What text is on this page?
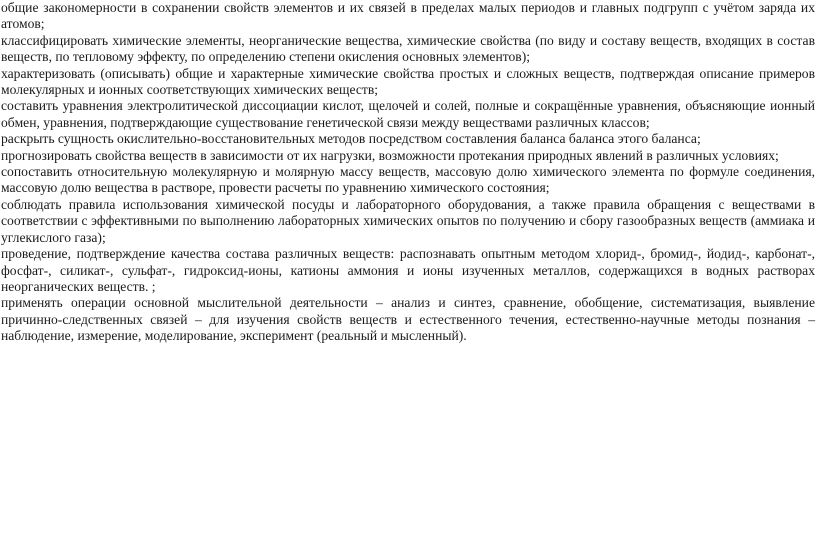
общие закономерности в сохранении свойств элементов и их связей в пределах малых периодов и главных подгрупп с учётом заряда их атомов;

классифицировать химические элементы, неорганические вещества, химические свойства (по виду и составу веществ, входящих в состав веществ, по тепловому эффекту, по определению степени окисления основных элементов);

характеризовать (описывать) общие и характерные химические свойства простых и сложных веществ, подтверждая описание примеров молекулярных и ионных соответствующих химических веществ;

составить уравнения электролитической диссоциации кислот, щелочей и солей, полные и сокращённые уравнения, объясняющие ионный обмен, уравнения, подтверждающие существование генетической связи между веществами различных классов;

раскрыть сущность окислительно-восстановительных методов посредством составления баланса баланса этого баланса;

прогнозировать свойства веществ в зависимости от их нагрузки, возможности протекания природных явлений в различных условиях;

сопоставить относительную молекулярную и молярную массу веществ, массовую долю химического элемента по формуле соединения, массовую долю вещества в растворе, провести расчеты по уравнению химического состояния;

соблюдать правила использования химической посуды и лабораторного оборудования, а также правила обращения с веществами в соответствии с эффективными по выполнению лабораторных химических опытов по получению и сбору газообразных веществ (аммиака и углекислого газа);

проведение, подтверждение качества состава различных веществ: распознавать опытным методом хлорид-, бромид-, йодид-, карбонат-, фосфат-, силикат-, сульфат-, гидроксид-ионы, катионы аммония и ионы изученных металлов, содержащихся в водных растворах неорганических веществ. ;

применять операции основной мыслительной деятельности – анализ и синтез, сравнение, обобщение, систематизация, выявление причинно-следственных связей – для изучения свойств веществ и естественного течения, естественно-научные методы познания – наблюдение, измерение, моделирование, эксперимент (реальный и мысленный).
